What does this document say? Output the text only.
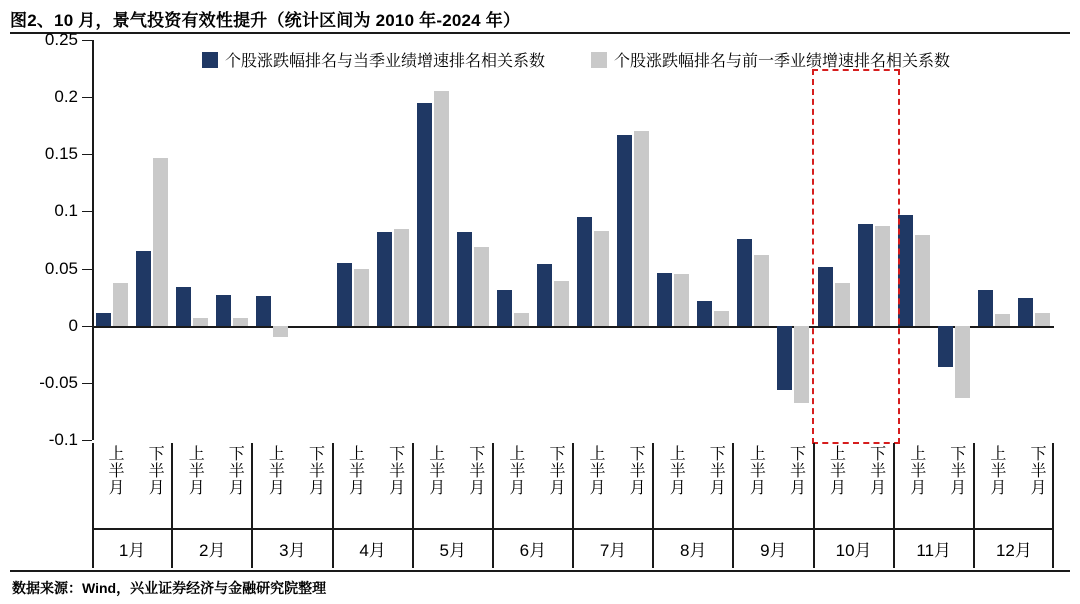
图2、10 月，景气投资有效性提升（统计区间为 2010 年-2024 年）
-0.1
-0.05
0
0.05
0.1
0.15
0.2
0.25
个股涨跌幅排名与当季业绩增速排名相关系数	个股涨跌幅排名与前一季业绩增速排名相关系数
上半月 下半月 上半月 下半月 上半月 下半月 上半月 下半月 上半月 下半月 上半月 下半月 上半月 下半月 上半月 下半月 上半月 下半月 上半月 下半月 上半月 下半月 上半月 下半月
1月	2月	3月	4月	5月	6月	7月	8月	9月	10月	11月	12月
数据来源：Wind，兴业证券经济与金融研究院整理
